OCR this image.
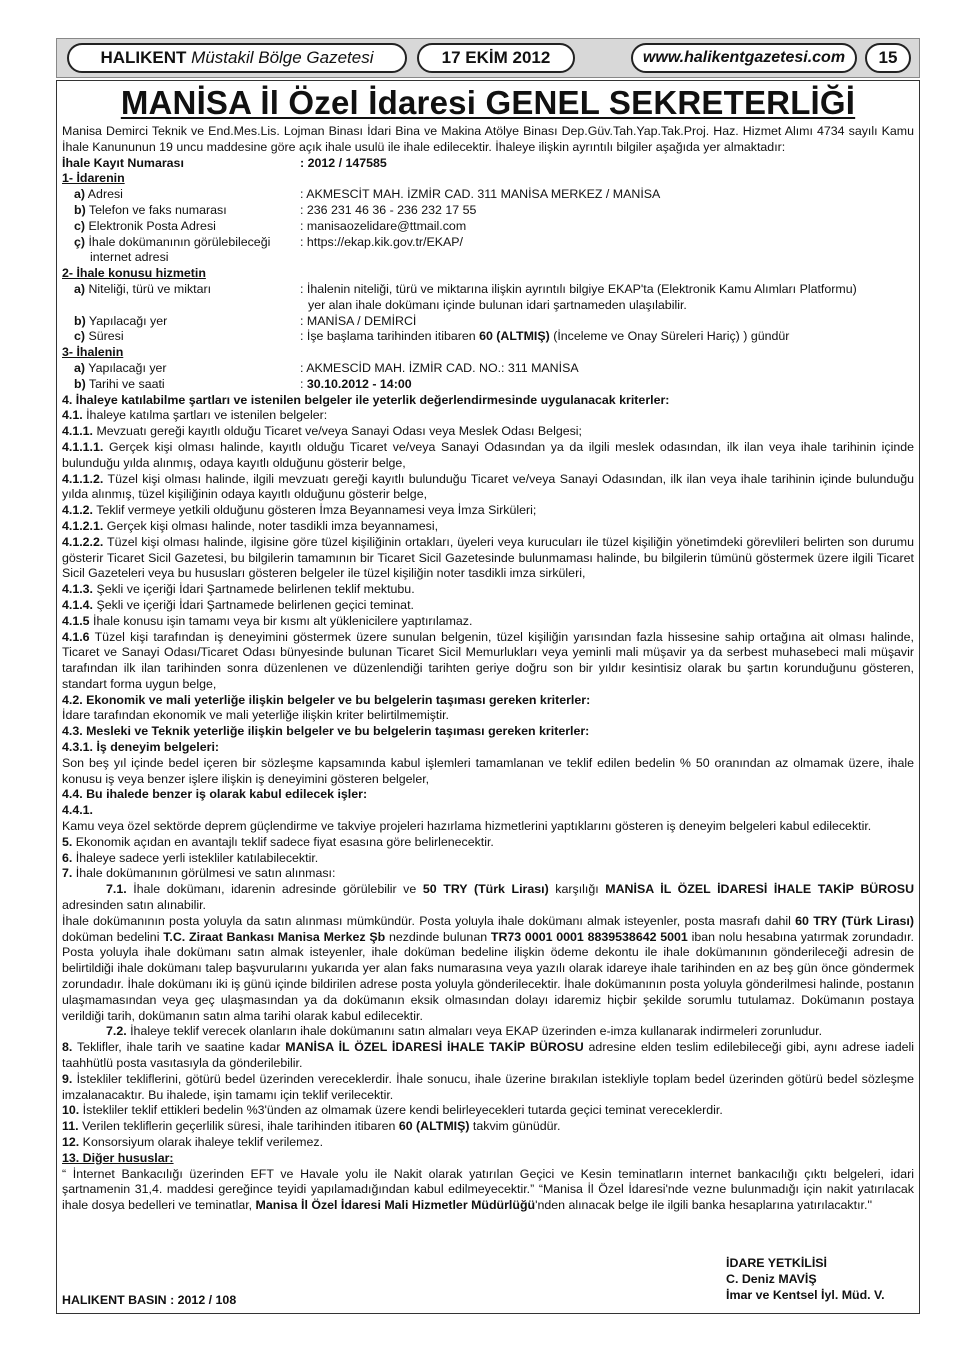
HALIKENT
Müstakil Bölge Gazetesi	17 EKİM 2012	www.halikentgazetesi.com	15
MANİSA İl Özel İdaresi GENEL SEKRETERLİĞİ

Manisa Demirci Teknik ve End.Mes.Lis. Lojman Binası İdari Bina ve Makina Atölye Binası Dep.Güv.Tah.Yap.Tak.Proj. Haz. Hizmet Alımı 4734 sayılı Kamu İhale Kanununun 19 uncu maddesine göre açık ihale usulü ile ihale edilecektir. İhaleye ilişkin ayrıntılı bilgiler aşağıda yer almaktadır:

İhale Kayıt Numarası	: 2012 / 147585

1- İdarenin

a) Adresi	: AKMESCİT MAH. İZMİR CAD. 311 MANİSA MERKEZ / MANİSA
b) Telefon ve faks numarası	: 236 231 46 36 - 236 232 17 55
c) Elektronik Posta Adresi	: manisaozelidare@ttmail.com
ç) İhale dokümanının görülebileceği
internet adresi
: https://ekap.kik.gov.tr/EKAP/

2- İhale konusu hizmetin

a) Niteliği, türü ve miktarı	: İhalenin niteliği, türü ve miktarına ilişkin ayrıntılı bilgiye EKAP'ta (Elektronik Kamu Alımları Platformu)
yer alan ihale dokümanı içinde bulunan idari şartnameden ulaşılabilir.
b) Yapılacağı yer	: MANİSA / DEMİRCİ
c) Süresi	: İşe başlama tarihinden itibaren 60 (ALTMIŞ) (İnceleme ve Onay Süreleri Hariç) ) gündür

3- İhalenin

a) Yapılacağı yer	: AKMESCİD MAH. İZMİR CAD. NO.: 311 MANİSA
b) Tarihi ve saati	: 30.10.2012 - 14:00

4. İhaleye katılabilme şartları ve istenilen belgeler ile yeterlik değerlendirmesinde uygulanacak kriterler:

4.1. İhaleye katılma şartları ve istenilen belgeler:

4.1.1. Mevzuatı gereği kayıtlı olduğu Ticaret ve/veya Sanayi Odası veya Meslek Odası Belgesi;

4.1.1.1. Gerçek kişi olması halinde, kayıtlı olduğu Ticaret ve/veya Sanayi Odasından ya da ilgili meslek odasından, ilk ilan veya ihale tarihinin içinde bulunduğu yılda alınmış, odaya kayıtlı olduğunu gösterir belge,

4.1.1.2. Tüzel kişi olması halinde, ilgili mevzuatı gereği kayıtlı bulunduğu Ticaret ve/veya Sanayi Odasından, ilk ilan veya ihale tarihinin içinde bulunduğu yılda alınmış, tüzel kişiliğinin odaya kayıtlı olduğunu gösterir belge,

4.1.2. Teklif vermeye yetkili olduğunu gösteren İmza Beyannamesi veya İmza Sirküleri;

4.1.2.1. Gerçek kişi olması halinde, noter tasdikli imza beyannamesi,

4.1.2.2. Tüzel kişi olması halinde, ilgisine göre tüzel kişiliğinin ortakları, üyeleri veya kurucuları ile tüzel kişiliğin yönetimdeki görevlileri belirten son durumu gösterir Ticaret Sicil Gazetesi, bu bilgilerin tamamının bir Ticaret Sicil Gazetesinde bulunmaması halinde, bu bilgilerin tümünü göstermek üzere ilgili Ticaret Sicil Gazeteleri veya bu hususları gösteren belgeler ile tüzel kişiliğin noter tasdikli imza sirküleri,

4.1.3. Şekli ve içeriği İdari Şartnamede belirlenen teklif mektubu.

4.1.4. Şekli ve içeriği İdari Şartnamede belirlenen geçici teminat.

4.1.5 İhale konusu işin tamamı veya bir kısmı alt yüklenicilere yaptırılamaz.

4.1.6 Tüzel kişi tarafından iş deneyimini göstermek üzere sunulan belgenin, tüzel kişiliğin yarısından fazla hissesine sahip ortağına ait olması halinde, Ticaret ve Sanayi Odası/Ticaret Odası bünyesinde bulunan Ticaret Sicil Memurlukları veya yeminli mali müşavir ya da serbest muhasebeci mali müşavir tarafından ilk ilan tarihinden sonra düzenlenen ve düzenlendiği tarihten geriye doğru son bir yıldır kesintisiz olarak bu şartın korunduğunu gösteren, standart forma uygun belge,

4.2. Ekonomik ve mali yeterliğe ilişkin belgeler ve bu belgelerin taşıması gereken kriterler:

İdare tarafından ekonomik ve mali yeterliğe ilişkin kriter belirtilmemiştir.

4.3. Mesleki ve Teknik yeterliğe ilişkin belgeler ve bu belgelerin taşıması gereken kriterler:

4.3.1. İş deneyim belgeleri:

Son beş yıl içinde bedel içeren bir sözleşme kapsamında kabul işlemleri tamamlanan ve teklif edilen bedelin % 50 oranından az olmamak üzere, ihale konusu iş veya benzer işlere ilişkin iş deneyimini gösteren belgeler,

4.4. Bu ihalede benzer iş olarak kabul edilecek işler:

4.4.1.

Kamu veya özel sektörde deprem güçlendirme ve takviye projeleri hazırlama hizmetlerini yaptıklarını gösteren iş deneyim belgeleri kabul edilecektir.

5. Ekonomik açıdan en avantajlı teklif sadece fiyat esasına göre belirlenecektir.

6. İhaleye sadece yerli istekliler katılabilecektir.

7. İhale dokümanının görülmesi ve satın alınması:

7.1. İhale dokümanı, idarenin adresinde görülebilir ve 50 TRY (Türk Lirası) karşılığı MANİSA İL ÖZEL İDARESİ İHALE TAKİP BÜROSU adresinden satın alınabilir.

İhale dokümanının posta yoluyla da satın alınması mümkündür. Posta yoluyla ihale dokümanı almak isteyenler, posta masrafı dahil 60 TRY (Türk Lirası) doküman bedelini T.C. Ziraat Bankası Manisa Merkez Şb nezdinde bulunan TR73 0001 0001 8839538642 5001 iban nolu hesabına yatırmak zorundadır. Posta yoluyla ihale dokümanı satın almak isteyenler, ihale doküman bedeline ilişkin ödeme dekontu ile ihale dokümanının gönderileceği adresin de belirtildiği ihale dokümanı talep başvurularını yukarıda yer alan faks numarasına veya yazılı olarak idareye ihale tarihinden en az beş gün önce göndermek zorundadır. İhale dokümanı iki iş günü içinde bildirilen adrese posta yoluyla gönderilecektir. İhale dokümanının posta yoluyla gönderilmesi halinde, postanın ulaşmamasından veya geç ulaşmasından ya da dokümanın eksik olmasından dolayı idaremiz hiçbir şekilde sorumlu tutulamaz. Dokümanın postaya verildiği tarih, dokümanın satın alma tarihi olarak kabul edilecektir.

7.2. İhaleye teklif verecek olanların ihale dokümanını satın almaları veya EKAP üzerinden e-imza kullanarak indirmeleri zorunludur.

8. Teklifler, ihale tarih ve saatine kadar MANİSA İL ÖZEL İDARESİ İHALE TAKİP BÜROSU adresine elden teslim edilebileceği gibi, aynı adrese iadeli taahhütlü posta vasıtasıyla da gönderilebilir.

9. İstekliler tekliflerini, götürü bedel üzerinden vereceklerdir. İhale sonucu, ihale üzerine bırakılan istekliyle toplam bedel üzerinden götürü bedel sözleşme imzalanacaktır. Bu ihalede, işin tamamı için teklif verilecektir.

10. İstekliler teklif ettikleri bedelin %3'ünden az olmamak üzere kendi belirleyecekleri tutarda geçici teminat vereceklerdir.

11. Verilen tekliflerin geçerlilik süresi, ihale tarihinden itibaren 60 (ALTMIŞ) takvim günüdür.

12. Konsorsiyum olarak ihaleye teklif verilemez.

13. Diğer hususlar:

“ İnternet Bankacılığı üzerinden EFT ve Havale yolu ile Nakit olarak yatırılan Geçici ve Kesin teminatların internet bankacılığı çıktı belgeleri, idari şartnamenin 31,4. maddesi gereğince teyidi yapılamadığından kabul edilmeyecektir.” “Manisa İl Özel İdaresi'nde vezne bulunmadığı için nakit yatırılacak ihale dosya bedelleri ve teminatlar, Manisa İl Özel İdaresi Mali Hizmetler Müdürlüğü'nden alınacak belge ile ilgili banka hesaplarına yatırılacaktır.''

İDARE YETKİLİSİ
C. Deniz MAVİŞ
İmar ve Kentsel İyl. Müd. V.
HALIKENT BASIN : 2012 / 108
